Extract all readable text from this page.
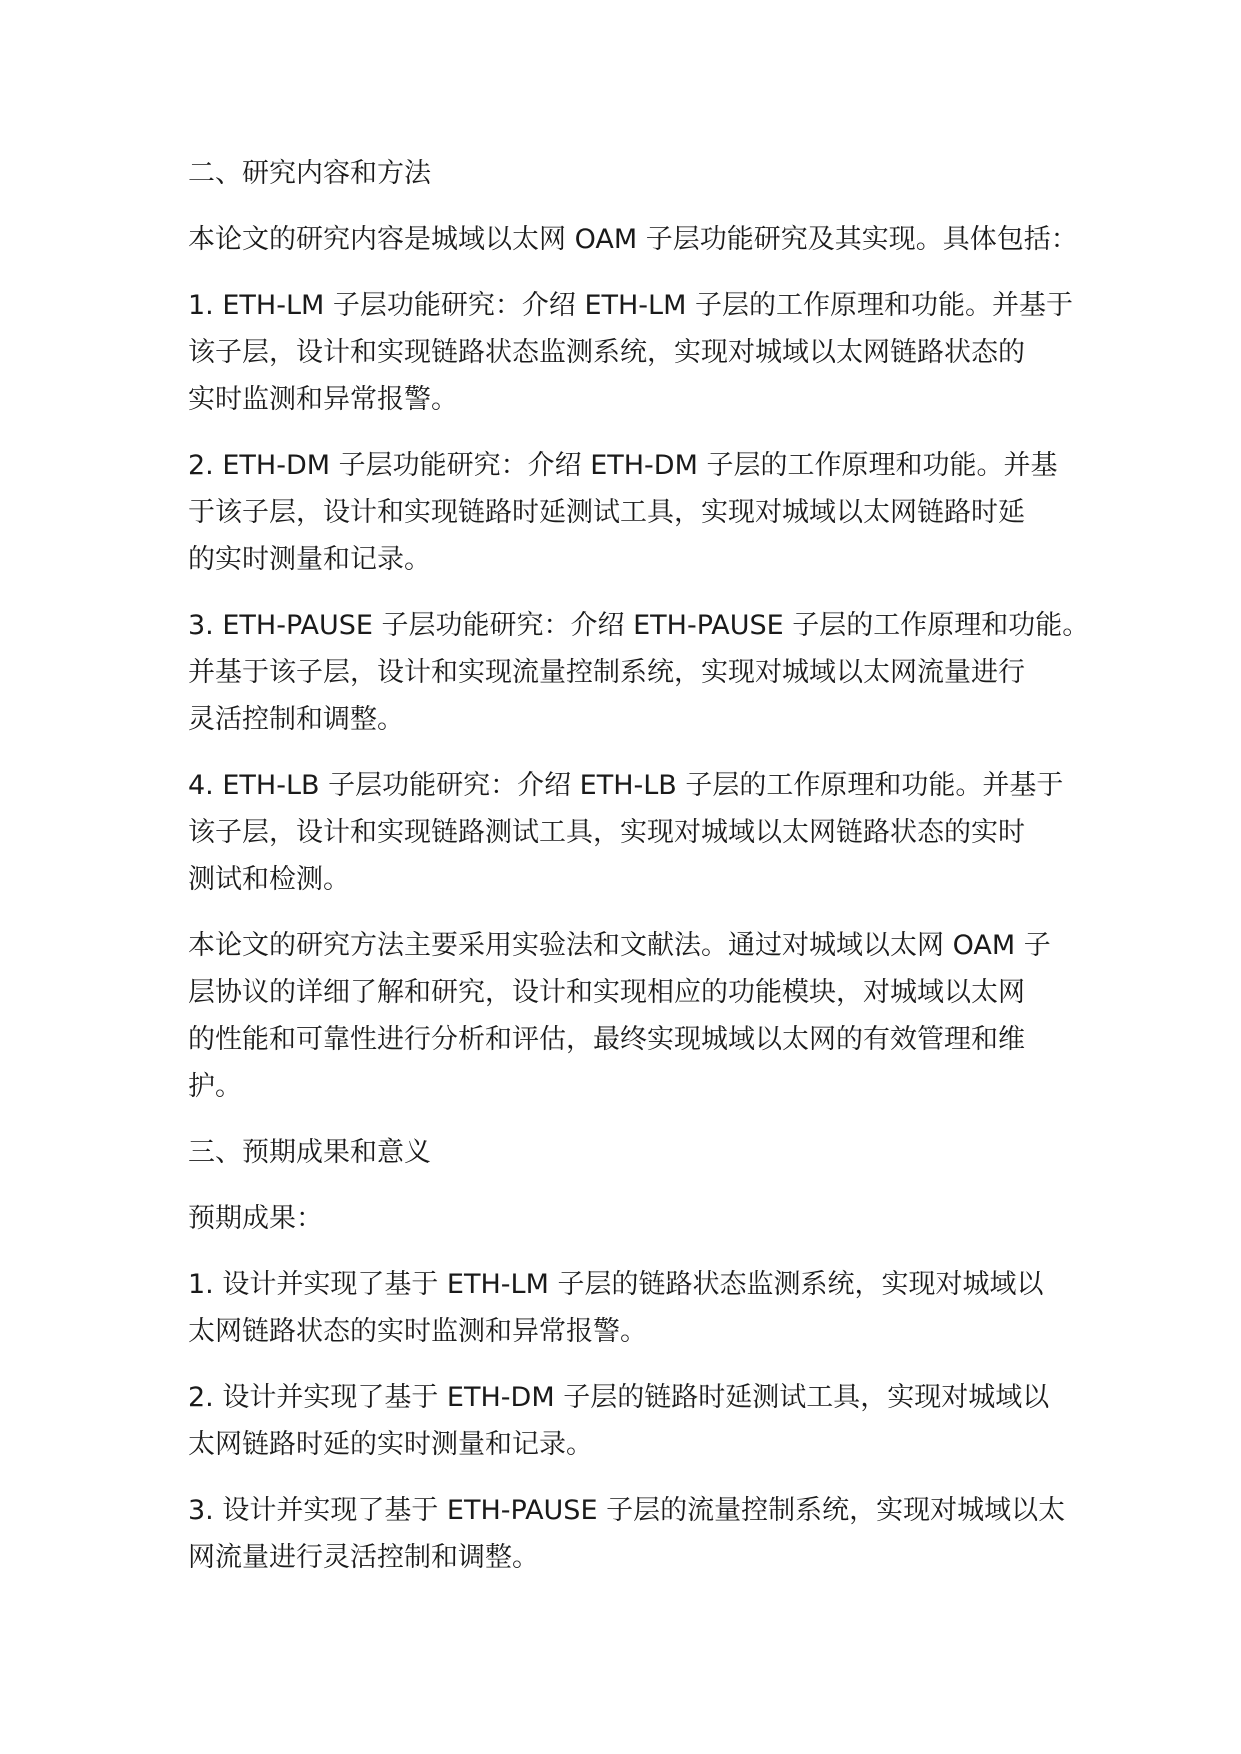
二、研究内容和方法
本论文的研究内容是城域以太网 OAM 子层功能研究及其实现。具体包括：
1. ETH-LM 子层功能研究：介绍 ETH-LM 子层的工作原理和功能。并基于
该子层，设计和实现链路状态监测系统，实现对城域以太网链路状态的
实时监测和异常报警。
2. ETH-DM 子层功能研究：介绍 ETH-DM 子层的工作原理和功能。并基
于该子层，设计和实现链路时延测试工具，实现对城域以太网链路时延
的实时测量和记录。
3. ETH-PAUSE 子层功能研究：介绍 ETH-PAUSE 子层的工作原理和功能。
并基于该子层，设计和实现流量控制系统，实现对城域以太网流量进行
灵活控制和调整。
4. ETH-LB 子层功能研究：介绍 ETH-LB 子层的工作原理和功能。并基于
该子层，设计和实现链路测试工具，实现对城域以太网链路状态的实时
测试和检测。
本论文的研究方法主要采用实验法和文献法。通过对城域以太网 OAM 子
层协议的详细了解和研究，设计和实现相应的功能模块，对城域以太网
的性能和可靠性进行分析和评估，最终实现城域以太网的有效管理和维
护。
三、预期成果和意义
预期成果：
1. 设计并实现了基于 ETH-LM 子层的链路状态监测系统，实现对城域以
太网链路状态的实时监测和异常报警。
2. 设计并实现了基于 ETH-DM 子层的链路时延测试工具，实现对城域以
太网链路时延的实时测量和记录。
3. 设计并实现了基于 ETH-PAUSE 子层的流量控制系统，实现对城域以太
网流量进行灵活控制和调整。
